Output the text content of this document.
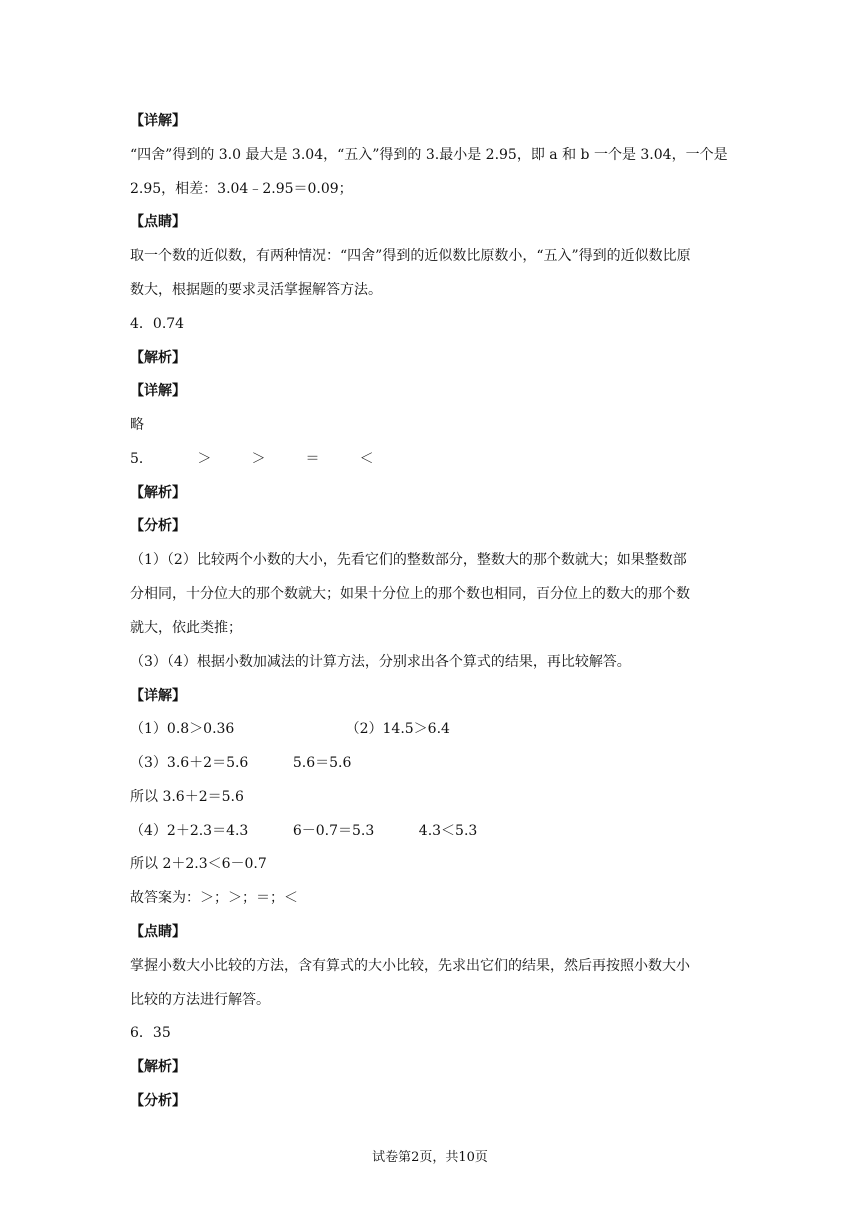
【详解】
“四舍”得到的 3.0 最大是 3.04，“五入”得到的 3.最小是 2.95，即 a 和 b 一个是 3.04，一个是
2.95，相差：3.04﹣2.95＝0.09；
【点睛】
取一个数的近似数，有两种情况：“四舍”得到的近似数比原数小，“五入”得到的近似数比原
数大，根据题的要求灵活掌握解答方法。
4．0.74
【解析】
【详解】
略
5．          ＞         ＞         ＝         ＜
【解析】
【分析】
（1）（2）比较两个小数的大小，先看它们的整数部分，整数大的那个数就大；如果整数部
分相同，十分位大的那个数就大；如果十分位上的那个数也相同，百分位上的数大的那个数
就大，依此类推；
（3）（4）根据小数加减法的计算方法，分别求出各个算式的结果，再比较解答。
【详解】
（1）0.8＞0.36                         （2）14.5＞6.4
（3）3.6＋2＝5.6          5.6＝5.6
所以 3.6＋2＝5.6
（4）2＋2.3＝4.3          6－0.7＝5.3          4.3＜5.3
所以 2＋2.3＜6－0.7
故答案为：＞；＞；＝；＜
【点睛】
掌握小数大小比较的方法，含有算式的大小比较，先求出它们的结果，然后再按照小数大小
比较的方法进行解答。
6．35
【解析】
【分析】
试卷第2页，共10页
